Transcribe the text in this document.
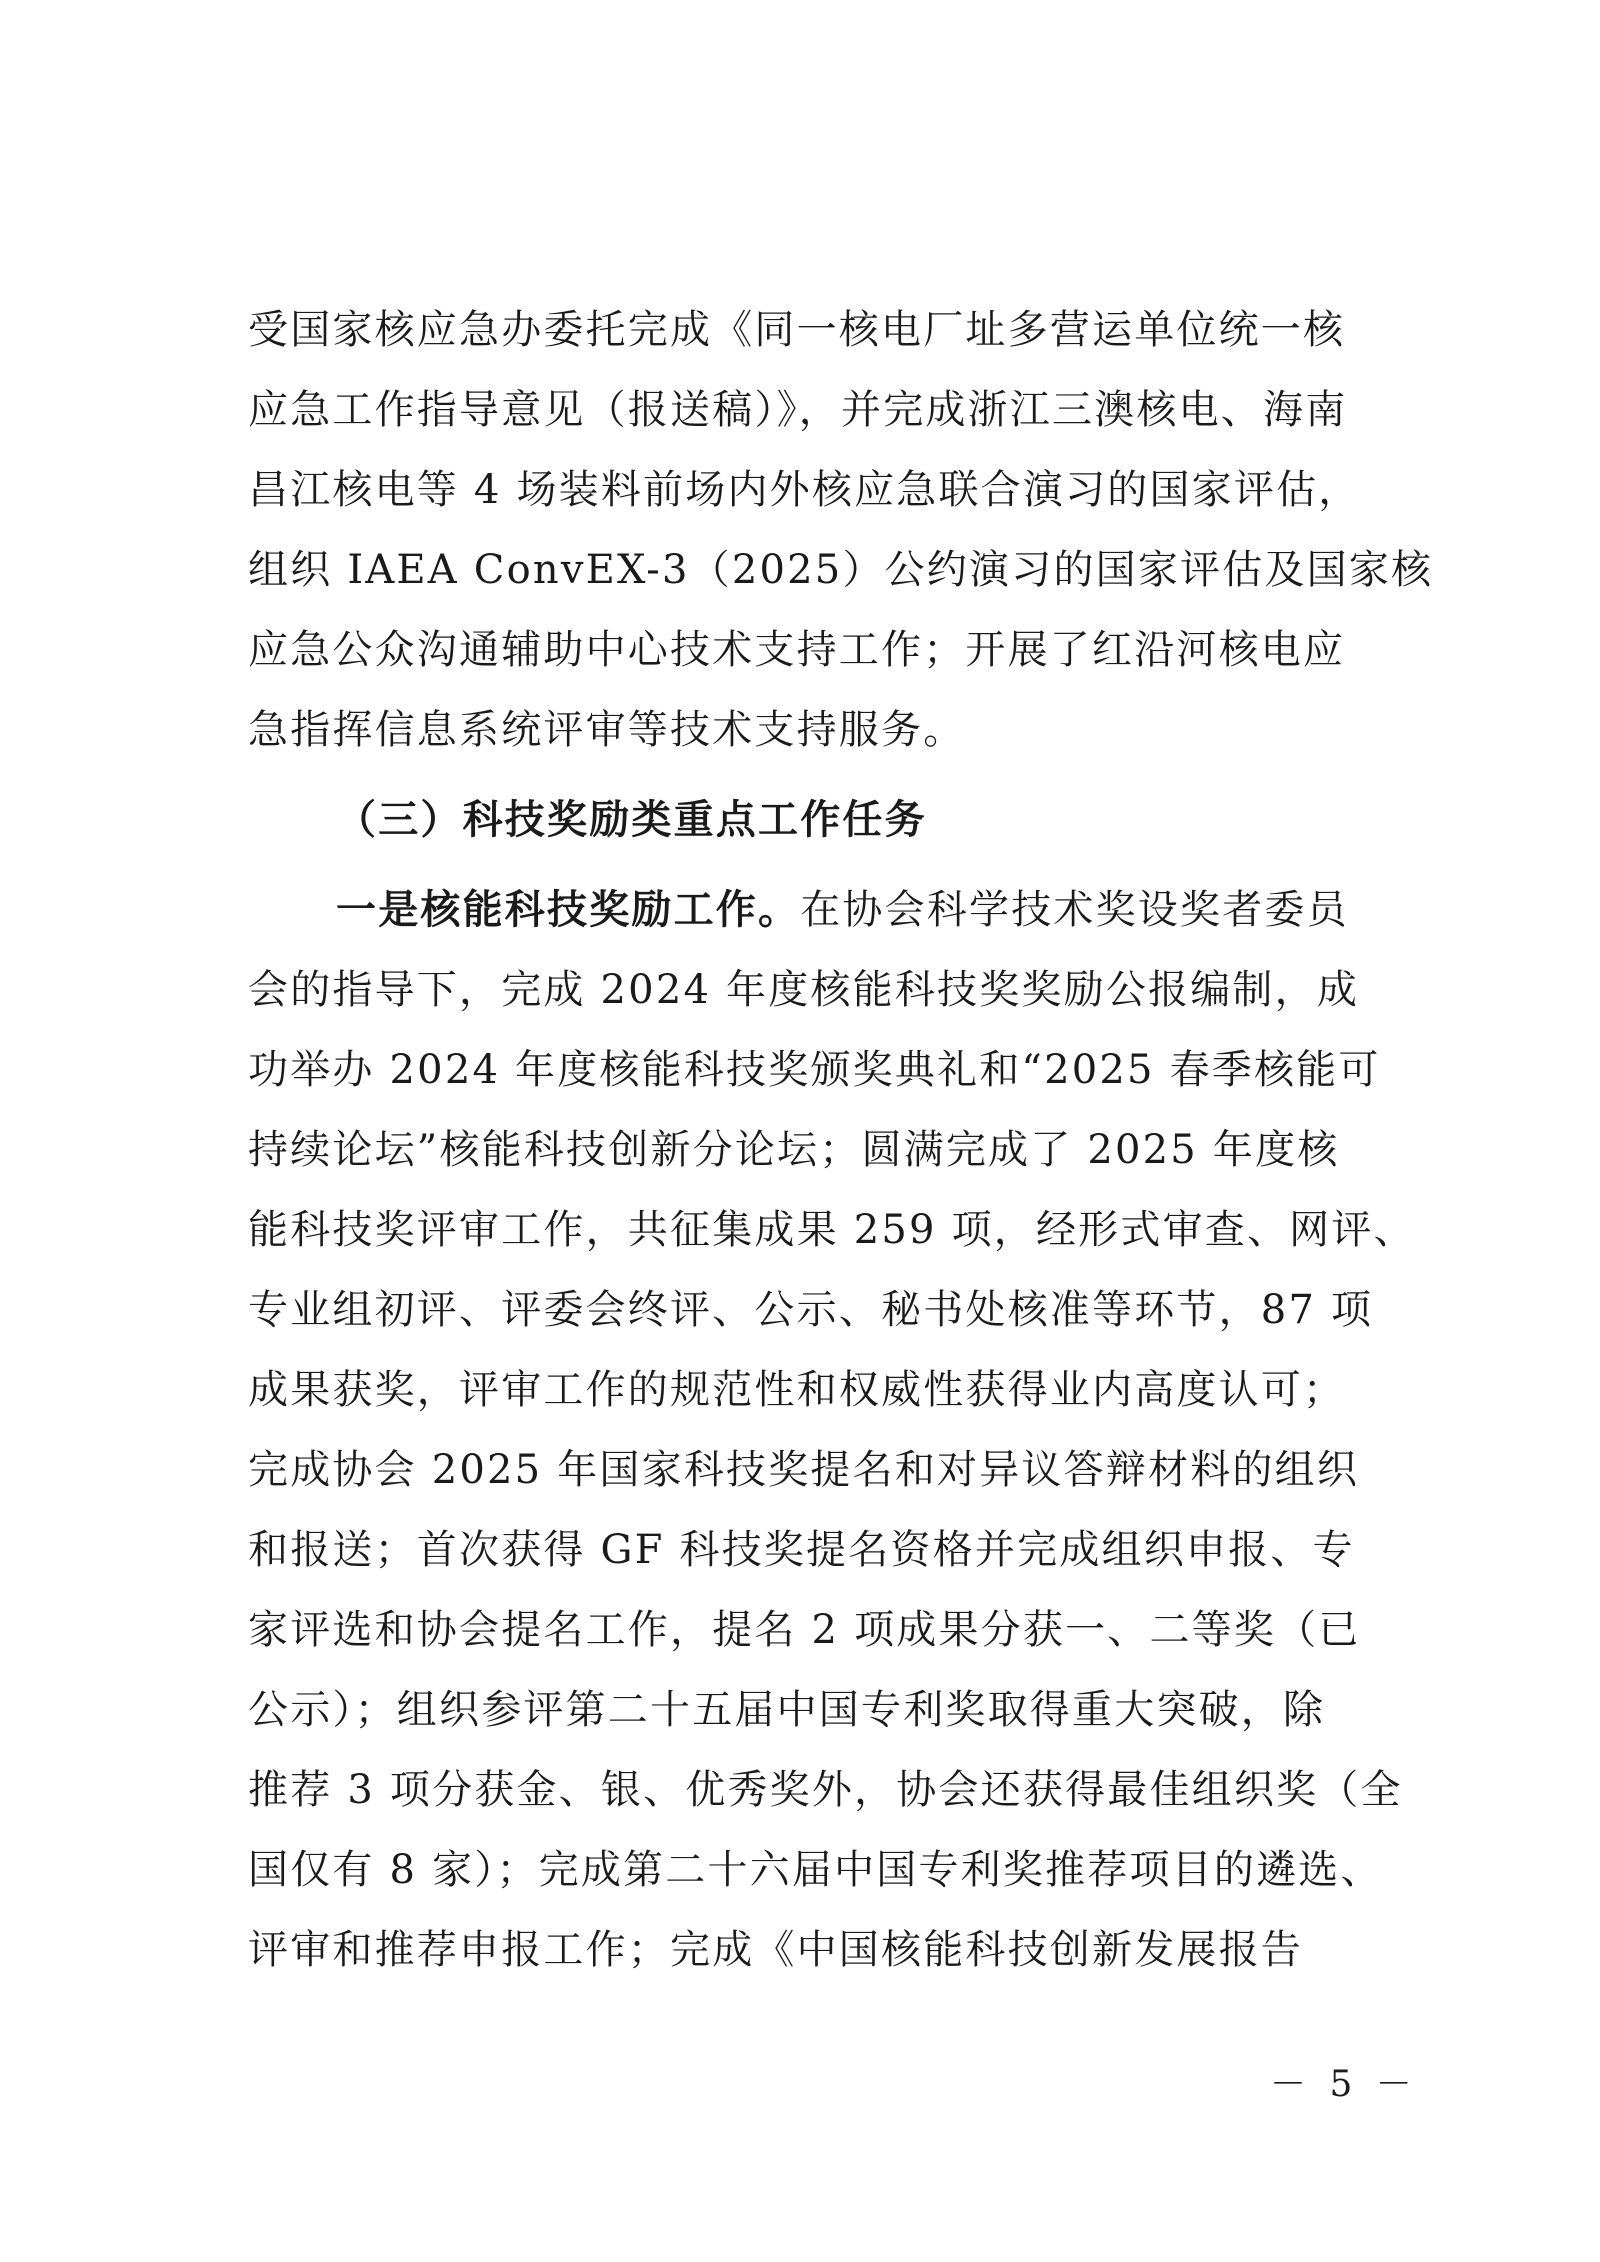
受国家核应急办委托完成《同一核电厂址多营运单位统一核
应急工作指导意见（报送稿）》，并完成浙江三澳核电、海南
昌江核电等 4 场装料前场内外核应急联合演习的国家评估，
组织 IAEA ConvEX-3（2025）公约演习的国家评估及国家核
应急公众沟通辅助中心技术支持工作；开展了红沿河核电应
急指挥信息系统评审等技术支持服务。
（三）科技奖励类重点工作任务
一是核能科技奖励工作。在协会科学技术奖设奖者委员
会的指导下，完成 2024 年度核能科技奖奖励公报编制，成
功举办 2024 年度核能科技奖颁奖典礼和“2025 春季核能可
持续论坛”核能科技创新分论坛；圆满完成了 2025 年度核
能科技奖评审工作，共征集成果 259 项，经形式审查、网评、
专业组初评、评委会终评、公示、秘书处核准等环节，87 项
成果获奖，评审工作的规范性和权威性获得业内高度认可；
完成协会 2025 年国家科技奖提名和对异议答辩材料的组织
和报送；首次获得 GF 科技奖提名资格并完成组织申报、专
家评选和协会提名工作，提名 2 项成果分获一、二等奖（已
公示）；组织参评第二十五届中国专利奖取得重大突破，除
推荐 3 项分获金、银、优秀奖外，协会还获得最佳组织奖（全
国仅有 8 家）；完成第二十六届中国专利奖推荐项目的遴选、
评审和推荐申报工作；完成《中国核能科技创新发展报告
－ 5 －
